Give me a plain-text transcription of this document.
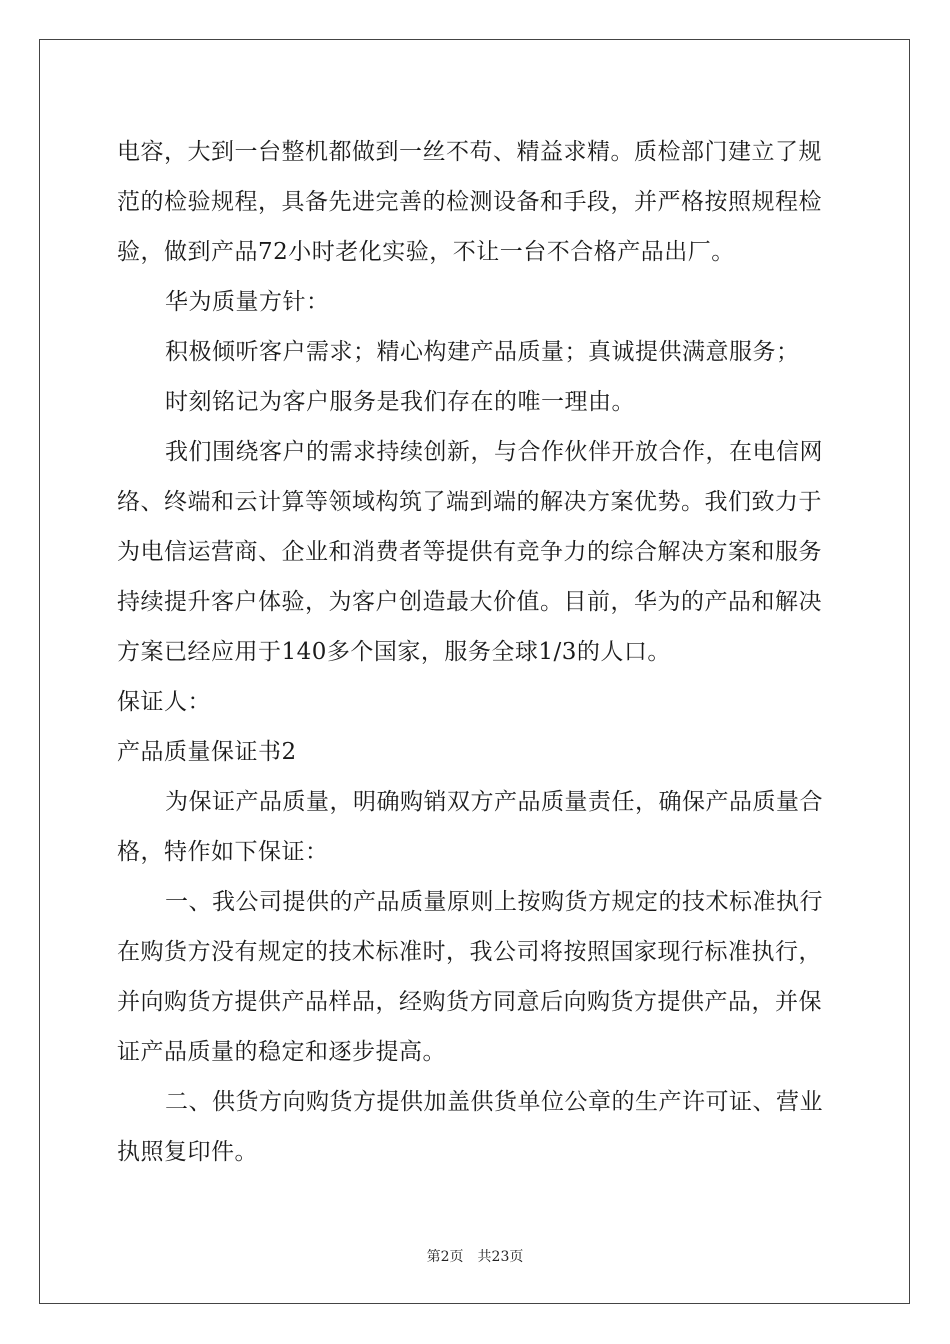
电容，大到一台整机都做到一丝不苟、精益求精。质检部门建立了规
范的检验规程，具备先进完善的检测设备和手段，并严格按照规程检
验，做到产品72小时老化实验，不让一台不合格产品出厂。
华为质量方针：
积极倾听客户需求；精心构建产品质量；真诚提供满意服务；
时刻铭记为客户服务是我们存在的唯一理由。
我们围绕客户的需求持续创新，与合作伙伴开放合作，在电信网
络、终端和云计算等领域构筑了端到端的解决方案优势。我们致力于
为电信运营商、企业和消费者等提供有竞争力的综合解决方案和服务
持续提升客户体验，为客户创造最大价值。目前，华为的产品和解决
方案已经应用于140多个国家，服务全球1/3的人口。
保证人：
产品质量保证书2
为保证产品质量，明确购销双方产品质量责任，确保产品质量合
格，特作如下保证：
一、我公司提供的产品质量原则上按购货方规定的技术标准执行
在购货方没有规定的技术标准时，我公司将按照国家现行标准执行，
并向购货方提供产品样品，经购货方同意后向购货方提供产品，并保
证产品质量的稳定和逐步提高。
二、供货方向购货方提供加盖供货单位公章的生产许可证、营业
执照复印件。
第2页 共23页
